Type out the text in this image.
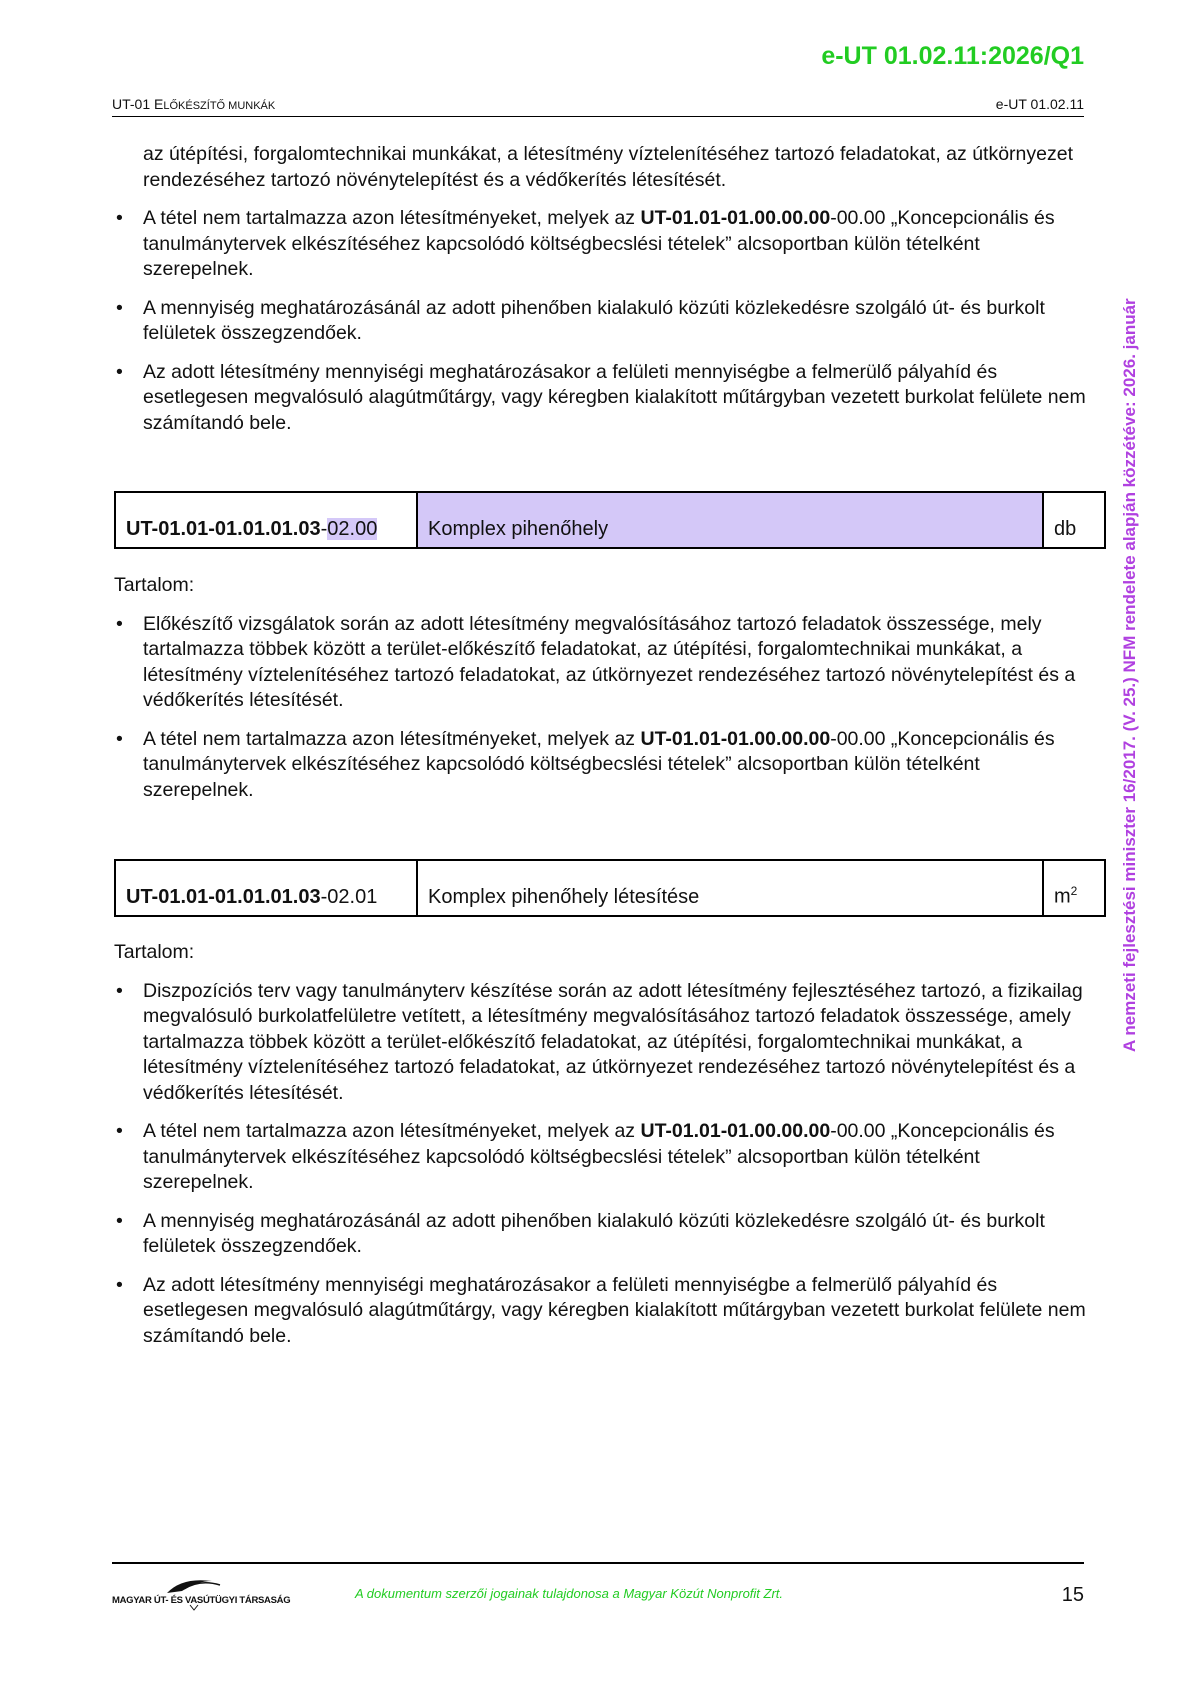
e-UT 01.02.11:2026/Q1
UT-01 ELŐKÉSZÍTŐ MUNKÁK	e-UT 01.02.11

az útépítési, forgalomtechnikai munkákat, a létesítmény víztelenítéséhez tartozó feladatokat, az útkörnyezet rendezéséhez tartozó növénytelepítést és a védőkerítés létesítését.

• A tétel nem tartalmazza azon létesítményeket, melyek az UT-01.01-01.00.00.00-00.00 „Koncepcionális és tanulmánytervek elkészítéséhez kapcsolódó költségbecslési tételek” alcsoportban külön tételként szerepelnek.
• A mennyiség meghatározásánál az adott pihenőben kialakuló közúti közlekedésre szolgáló út- és burkolt felületek összegzendőek.
• Az adott létesítmény mennyiségi meghatározásakor a felületi mennyiségbe a felmerülő pályahíd és esetlegesen megvalósuló alagútműtárgy, vagy kéregben kialakított műtárgyban vezetett burkolat felülete nem számítandó bele.
UT-01.01-01.01.01.03-02.00	Komplex pihenőhely	db

Tartalom:

• Előkészítő vizsgálatok során az adott létesítmény megvalósításához tartozó feladatok összessége, mely tartalmazza többek között a terület-előkészítő feladatokat, az útépítési, forgalomtechnikai munkákat, a létesítmény víztelenítéséhez tartozó feladatokat, az útkörnyezet rendezéséhez tartozó növénytelepítést és a védőkerítés létesítését.
• A tétel nem tartalmazza azon létesítményeket, melyek az UT-01.01-01.00.00.00-00.00 „Koncepcionális és tanulmánytervek elkészítéséhez kapcsolódó költségbecslési tételek” alcsoportban külön tételként szerepelnek.
UT-01.01-01.01.01.03-02.01	Komplex pihenőhely létesítése	$m^2$

Tartalom:

• Diszpozíciós terv vagy tanulmányterv készítése során az adott létesítmény fejlesztéséhez tartozó, a fizikailag megvalósuló burkolatfelületre vetített, a létesítmény megvalósításához tartozó feladatok összessége, amely tartalmazza többek között a terület-előkészítő feladatokat, az útépítési, forgalomtechnikai munkákat, a létesítmény víztelenítéséhez tartozó feladatokat, az útkörnyezet rendezéséhez tartozó növénytelepítést és a védőkerítés létesítését.
• A tétel nem tartalmazza azon létesítményeket, melyek az UT-01.01-01.00.00.00-00.00 „Koncepcionális és tanulmánytervek elkészítéséhez kapcsolódó költségbecslési tételek” alcsoportban külön tételként szerepelnek.
• A mennyiség meghatározásánál az adott pihenőben kialakuló közúti közlekedésre szolgáló út- és burkolt felületek összegzendőek.
• Az adott létesítmény mennyiségi meghatározásakor a felületi mennyiségbe a felmerülő pályahíd és esetlegesen megvalósuló alagútműtárgy, vagy kéregben kialakított műtárgyban vezetett burkolat felülete nem számítandó bele.
A nemzeti fejlesztési miniszter 16/2017. (V. 25.) NFM rendelete alapján közzétéve: 2026. január
MAGYAR ÚT- ÉS VASÚTÜGYI TÁRSASÁG	A dokumentum szerzői jogainak tulajdonosa a Magyar Közút Nonprofit Zrt.	15
